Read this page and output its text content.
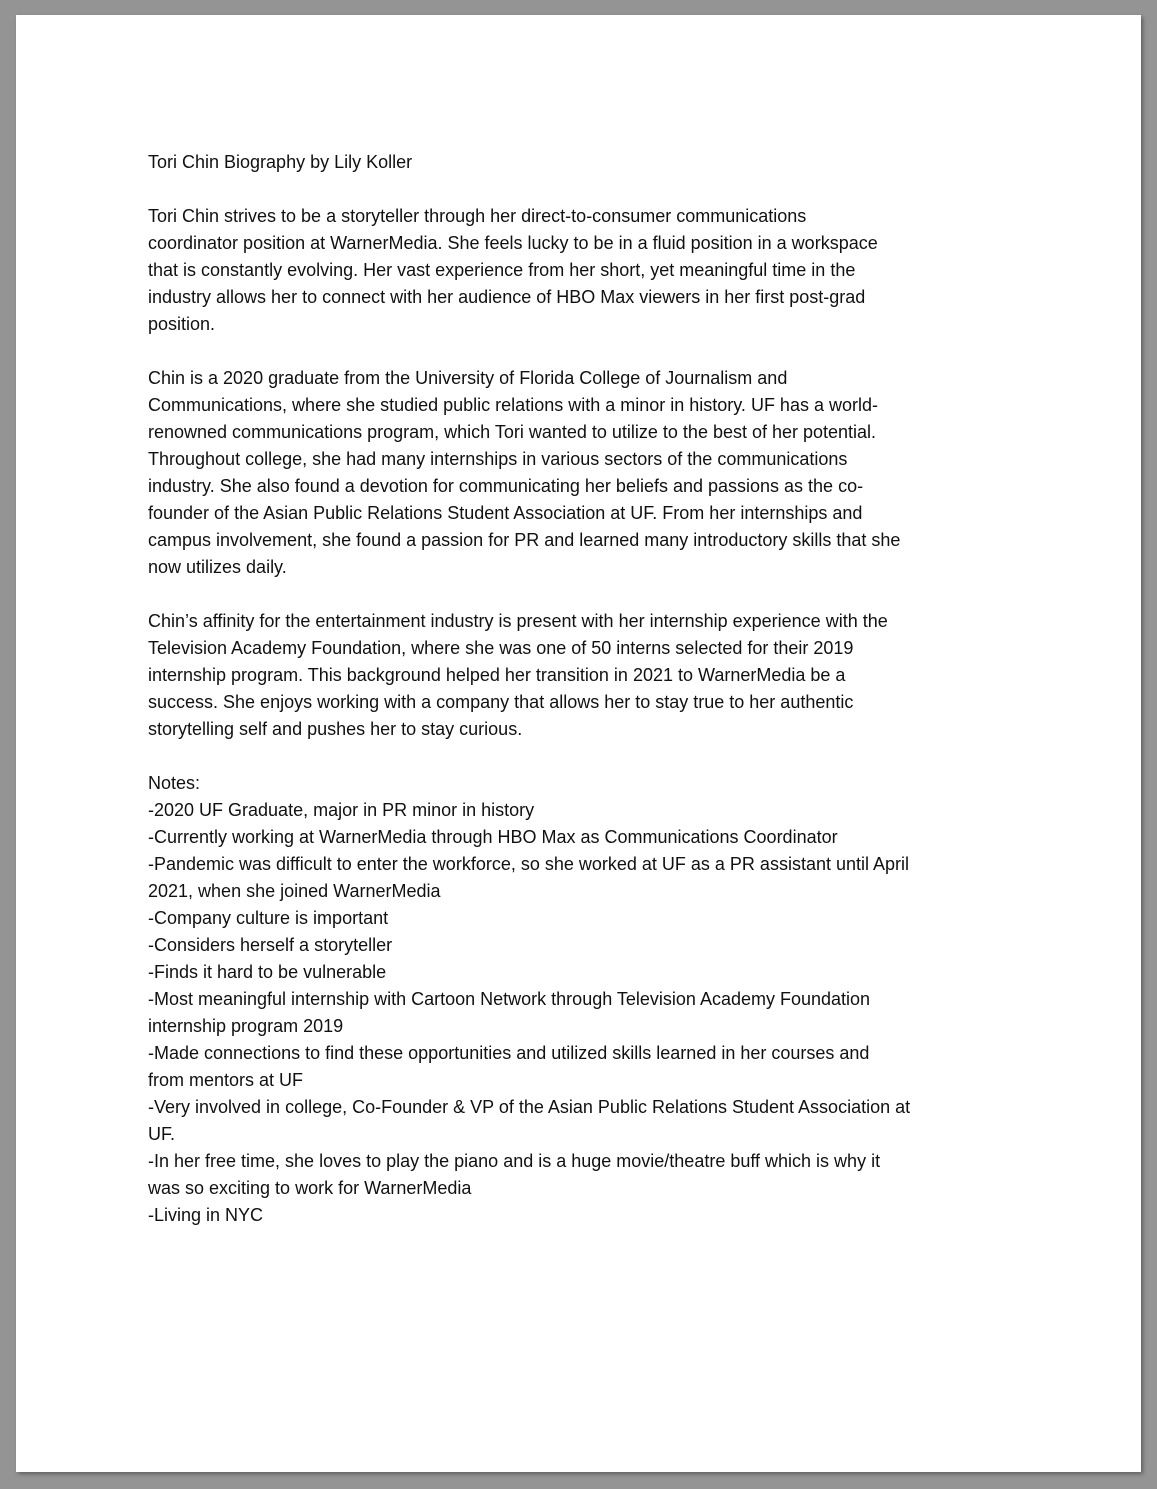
Tori Chin Biography by Lily Koller
Tori Chin strives to be a storyteller through her direct-to-consumer communications
coordinator position at WarnerMedia. She feels lucky to be in a fluid position in a workspace
that is constantly evolving. Her vast experience from her short, yet meaningful time in the
industry allows her to connect with her audience of HBO Max viewers in her first post-grad
position.
Chin is a 2020 graduate from the University of Florida College of Journalism and
Communications, where she studied public relations with a minor in history. UF has a world-
renowned communications program, which Tori wanted to utilize to the best of her potential.
Throughout college, she had many internships in various sectors of the communications
industry. She also found a devotion for communicating her beliefs and passions as the co-
founder of the Asian Public Relations Student Association at UF. From her internships and
campus involvement, she found a passion for PR and learned many introductory skills that she
now utilizes daily.
Chin’s affinity for the entertainment industry is present with her internship experience with the
Television Academy Foundation, where she was one of 50 interns selected for their 2019
internship program. This background helped her transition in 2021 to WarnerMedia be a
success. She enjoys working with a company that allows her to stay true to her authentic
storytelling self and pushes her to stay curious.
Notes:
-2020 UF Graduate, major in PR minor in history
-Currently working at WarnerMedia through HBO Max as Communications Coordinator
-Pandemic was difficult to enter the workforce, so she worked at UF as a PR assistant until April
2021, when she joined WarnerMedia
-Company culture is important
-Considers herself a storyteller
-Finds it hard to be vulnerable
-Most meaningful internship with Cartoon Network through Television Academy Foundation
internship program 2019
-Made connections to find these opportunities and utilized skills learned in her courses and
from mentors at UF
-Very involved in college, Co-Founder & VP of the Asian Public Relations Student Association at
UF.
-In her free time, she loves to play the piano and is a huge movie/theatre buff which is why it
was so exciting to work for WarnerMedia
-Living in NYC
